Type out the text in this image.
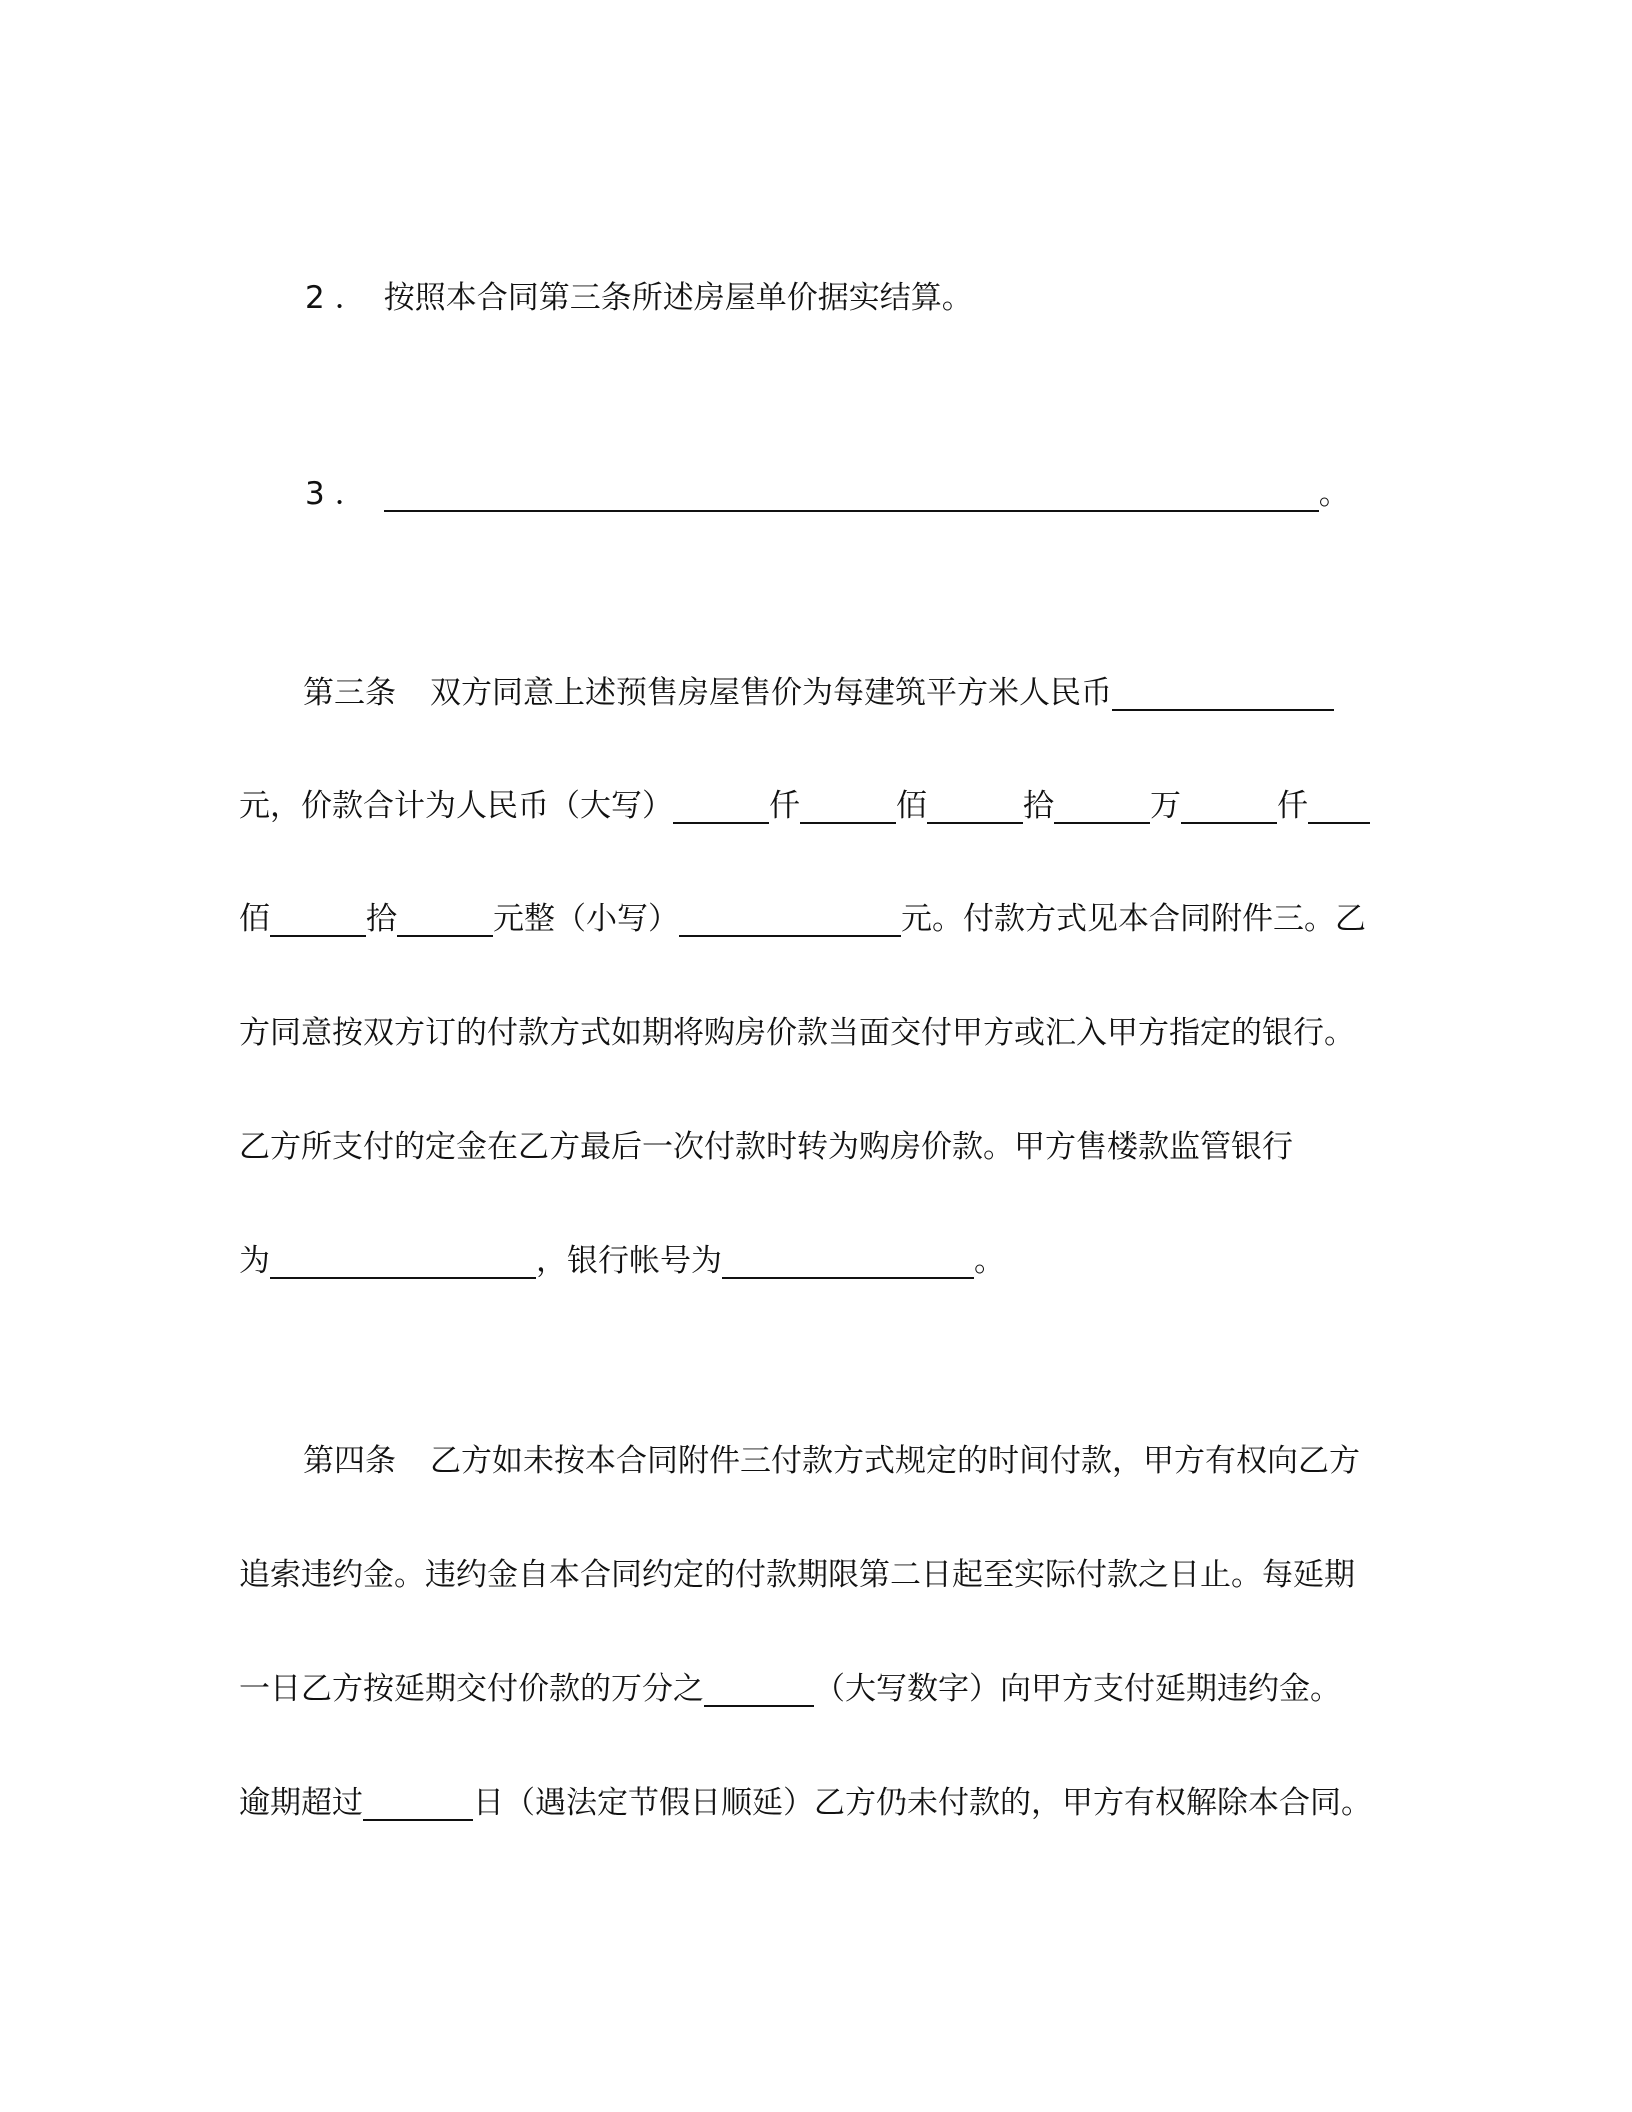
2． 按照本合同第三条所述房屋单价据实结算。
3．	。
第三条 双方同意上述预售房屋售价为每建筑平方米人民币
元，价款合计为人民币（大写）	仟	佰	拾	万	仟
佰	拾	元整（小写）	元。付款方式见本合同附件三。乙
方同意按双方订的付款方式如期将购房价款当面交付甲方或汇入甲方指定的银行。
乙方所支付的定金在乙方最后一次付款时转为购房价款。甲方售楼款监管银行
为	，银行帐号为	。
第四条 乙方如未按本合同附件三付款方式规定的时间付款，甲方有权向乙方
追索违约金。违约金自本合同约定的付款期限第二日起至实际付款之日止。每延期
一日乙方按延期交付价款的万分之	（大写数字）向甲方支付延期违约金。
逾期超过	日（遇法定节假日顺延）乙方仍未付款的，甲方有权解除本合同。
